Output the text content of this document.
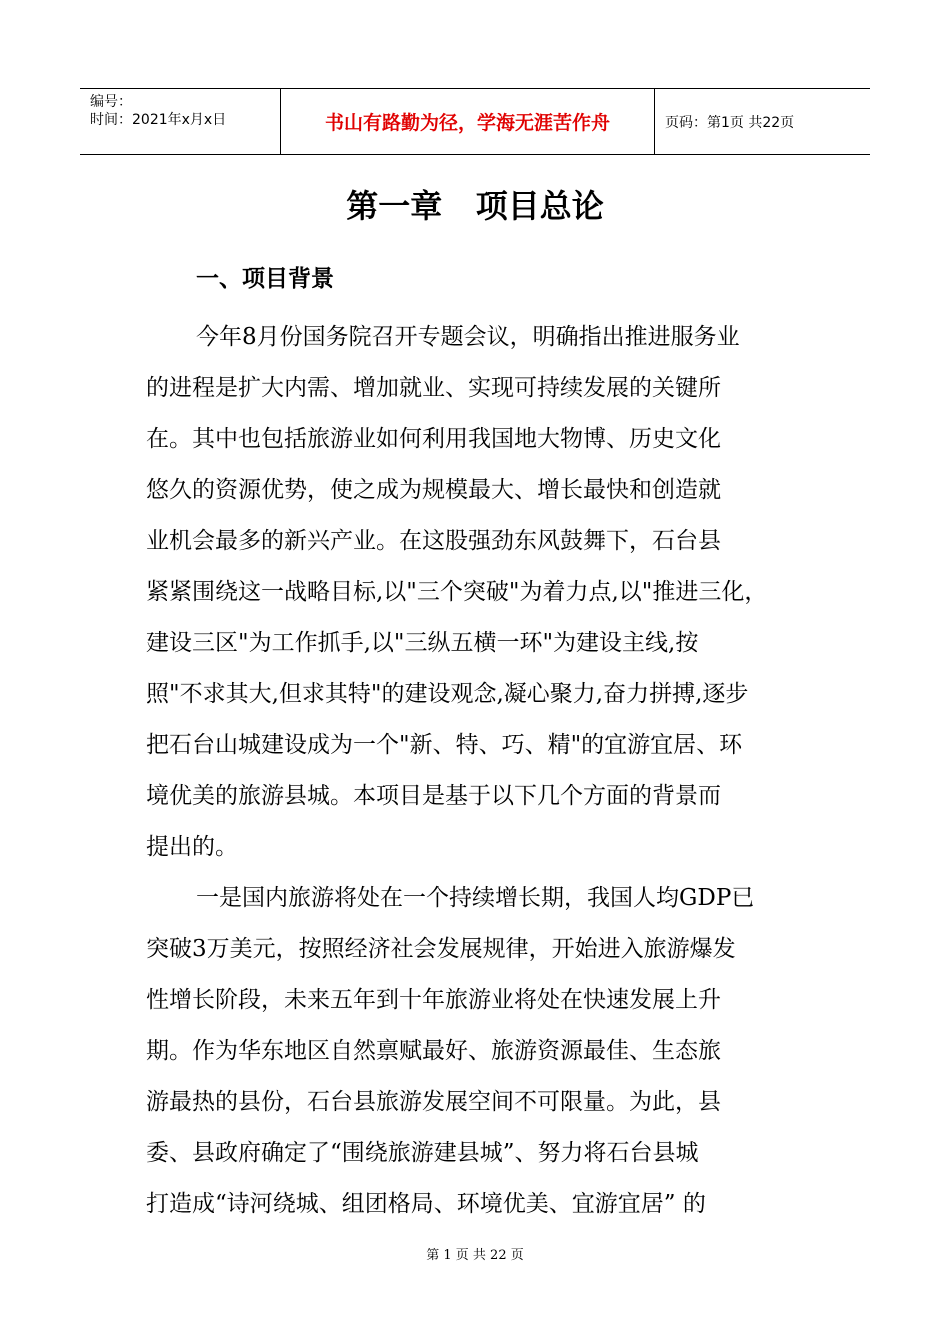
编号：
时间：2021年x月x日	书山有路勤为径，学海无涯苦作舟	页码：第1页 共22页
第一章   项目总论
一、项目背景

今年8月份国务院召开专题会议，明确指出推进服务业
的进程是扩大内需、增加就业、实现可持续发展的关键所
在。其中也包括旅游业如何利用我国地大物博、历史文化
悠久的资源优势，使之成为规模最大、增长最快和创造就
业机会最多的新兴产业。在这股强劲东风鼓舞下，石台县
紧紧围绕这一战略目标,以"三个突破"为着力点,以"推进三化，
建设三区"为工作抓手,以"三纵五横一环"为建设主线,按
照"不求其大,但求其特"的建设观念,凝心聚力,奋力拼搏,逐步
把石台山城建设成为一个"新、特、巧、精"的宜游宜居、环
境优美的旅游县城。本项目是基于以下几个方面的背景而
提出的。

一是国内旅游将处在一个持续增长期，我国人均GDP已
突破3万美元，按照经济社会发展规律，开始进入旅游爆发
性增长阶段，未来五年到十年旅游业将处在快速发展上升
期。作为华东地区自然禀赋最好、旅游资源最佳、生态旅
游最热的县份，石台县旅游发展空间不可限量。为此，县
委、县政府确定了“围绕旅游建县城”、努力将石台县城
打造成“诗河绕城、组团格局、环境优美、宜游宜居” 的

第 1 页 共 22 页
